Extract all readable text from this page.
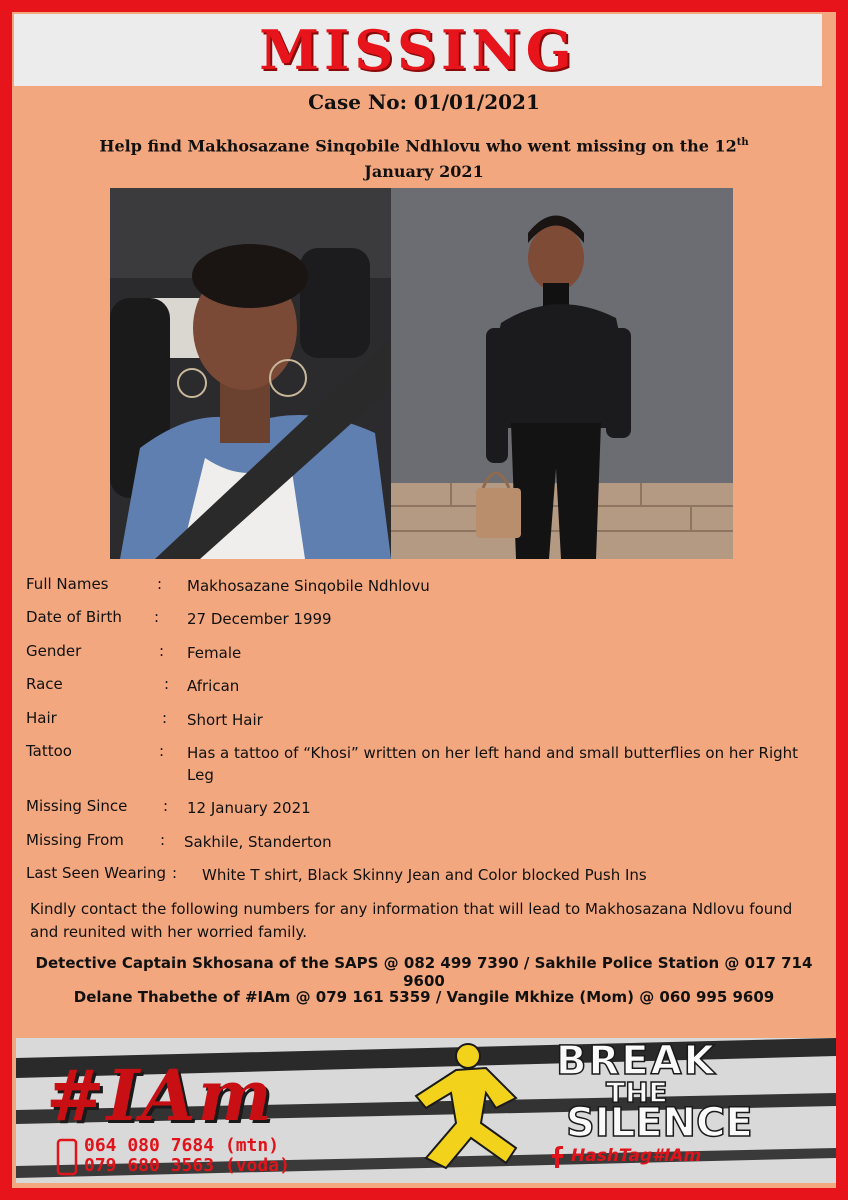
MISSING
Case No: 01/01/2021
Help find Makhosazane Sinqobile Ndhlovu who went missing on the 12th
January 2021
Full Names	: Makhosazane Sinqobile Ndhlovu
Date of Birth : 27 December 1999
Gender	: Female
Race	: African
Hair	: Short Hair
Tattoo	: Has a tattoo of “Khosi” written on her left hand and small butterflies on her Right Leg
Missing Since : 12 January 2021
Missing From : Sakhile, Standerton
Last Seen Wearing : White T shirt, Black Skinny Jean and Color blocked Push Ins
Kindly contact the following numbers for any information that will lead to Makhosazana Ndlovu found and reunited with her worried family.
Detective Captain Skhosana of the SAPS @ 082 499 7390 / Sakhile Police Station @ 017 714 9600
Delane Thabethe of #IAm @ 079 161 5359 / Vangile Mkhize (Mom) @ 060 995 9609
#IAm	BREAK
THE
SILENCE
064 080 7684 (mtn)
079 680 3563 (voda)	HashTag#IAm
